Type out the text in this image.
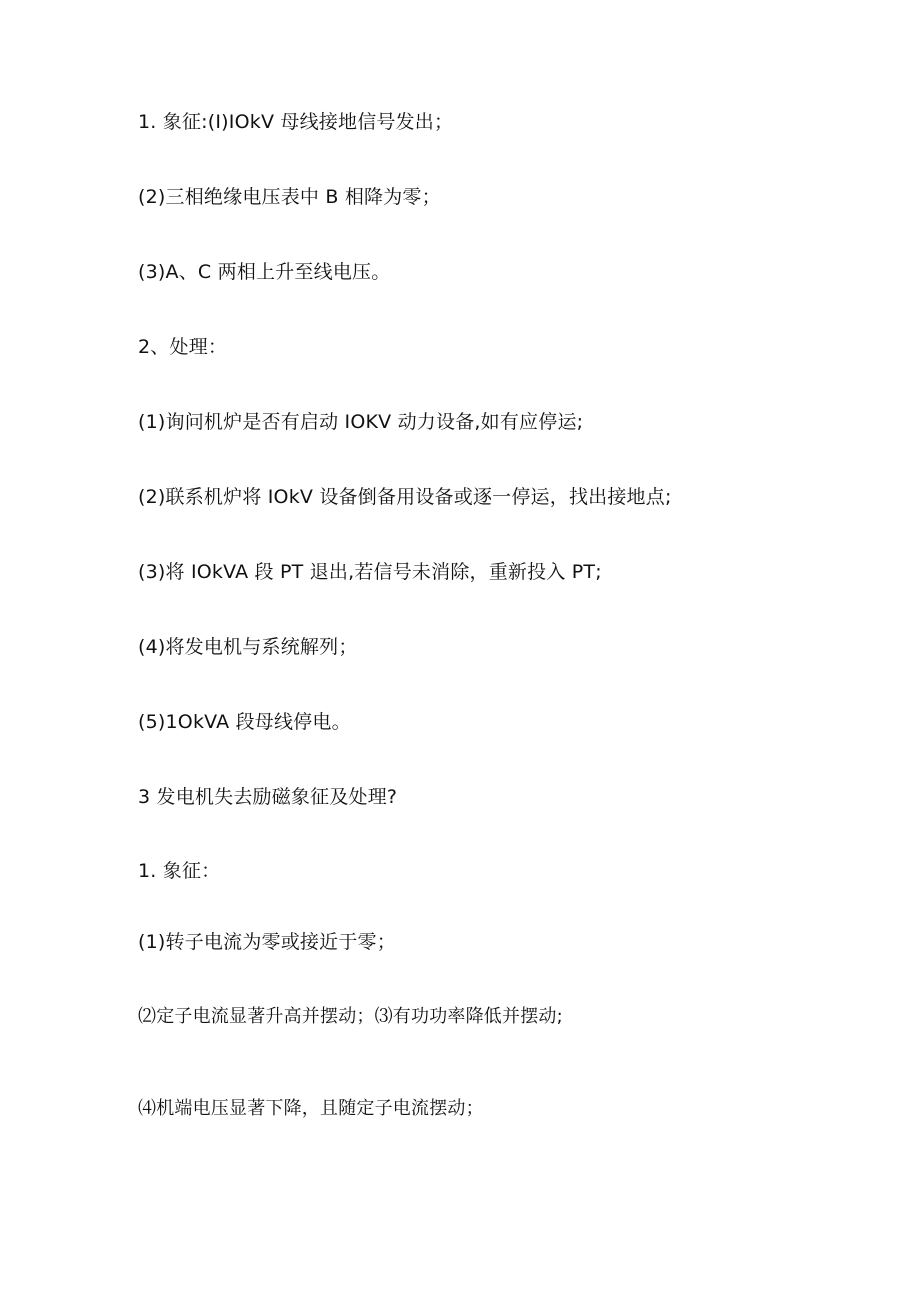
1. 象征:(I)IOkV 母线接地信号发出；
(2)三相绝缘电压表中 B 相降为零；
(3)A、C 两相上升至线电压。
2、处理：
(1)询问机炉是否有启动 IOKV 动力设备,如有应停运;
(2)联系机炉将 IOkV 设备倒备用设备或逐一停运，找出接地点;
(3)将 IOkVA 段 PT 退出,若信号未消除，重新投入 PT;
(4)将发电机与系统解列；
(5)1OkVA 段母线停电。
3 发电机失去励磁象征及处理?
1. 象征：
(1)转子电流为零或接近于零；
⑵定子电流显著升高并摆动；⑶有功功率降低并摆动;
⑷机端电压显著下降，且随定子电流摆动；
